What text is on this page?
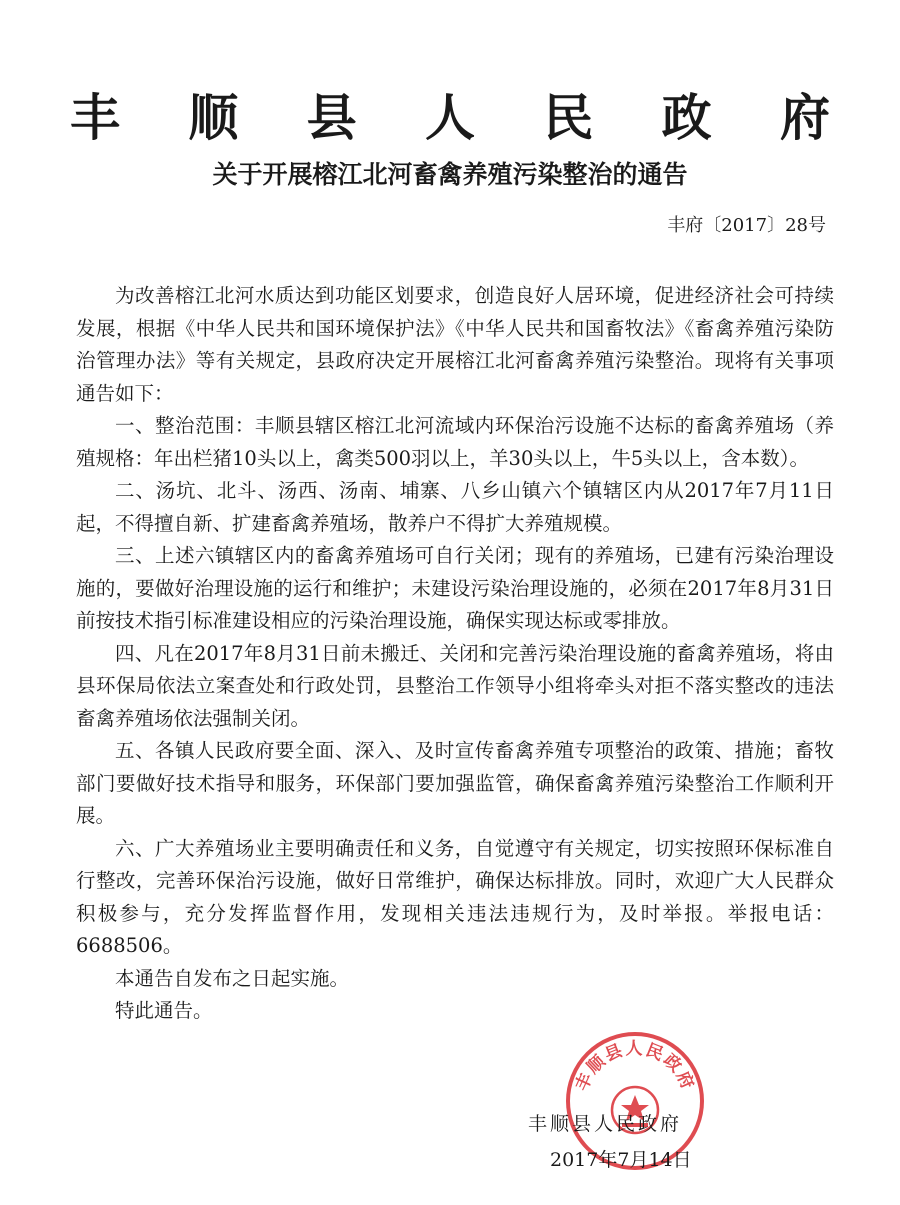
丰 顺 县 人 民 政 府
关于开展榕江北河畜禽养殖污染整治的通告
丰府〔2017〕28号

为改善榕江北河水质达到功能区划要求，创造良好人居环境，促进经济社会可持续发展，根据《中华人民共和国环境保护法》《中华人民共和国畜牧法》《畜禽养殖污染防治管理办法》等有关规定，县政府决定开展榕江北河畜禽养殖污染整治。现将有关事项通告如下：

一、整治范围：丰顺县辖区榕江北河流域内环保治污设施不达标的畜禽养殖场（养殖规格：年出栏猪10头以上，禽类500羽以上，羊30头以上，牛5头以上，含本数）。

二、汤坑、北斗、汤西、汤南、埔寨、八乡山镇六个镇辖区内从2017年7月11日起，不得擅自新、扩建畜禽养殖场，散养户不得扩大养殖规模。

三、上述六镇辖区内的畜禽养殖场可自行关闭；现有的养殖场，已建有污染治理设施的，要做好治理设施的运行和维护；未建设污染治理设施的，必须在2017年8月31日前按技术指引标准建设相应的污染治理设施，确保实现达标或零排放。

四、凡在2017年8月31日前未搬迁、关闭和完善污染治理设施的畜禽养殖场，将由县环保局依法立案查处和行政处罚，县整治工作领导小组将牵头对拒不落实整改的违法畜禽养殖场依法强制关闭。

五、各镇人民政府要全面、深入、及时宣传畜禽养殖专项整治的政策、措施；畜牧部门要做好技术指导和服务，环保部门要加强监管，确保畜禽养殖污染整治工作顺利开展。

六、广大养殖场业主要明确责任和义务，自觉遵守有关规定，切实按照环保标准自行整改，完善环保治污设施，做好日常维护，确保达标排放。同时，欢迎广大人民群众积极参与，充分发挥监督作用，发现相关违法违规行为，及时举报。举报电话：6688506。

本通告自发布之日起实施。

特此通告。

丰顺县人民政府
丰顺县人民政府
2017年7月14日
